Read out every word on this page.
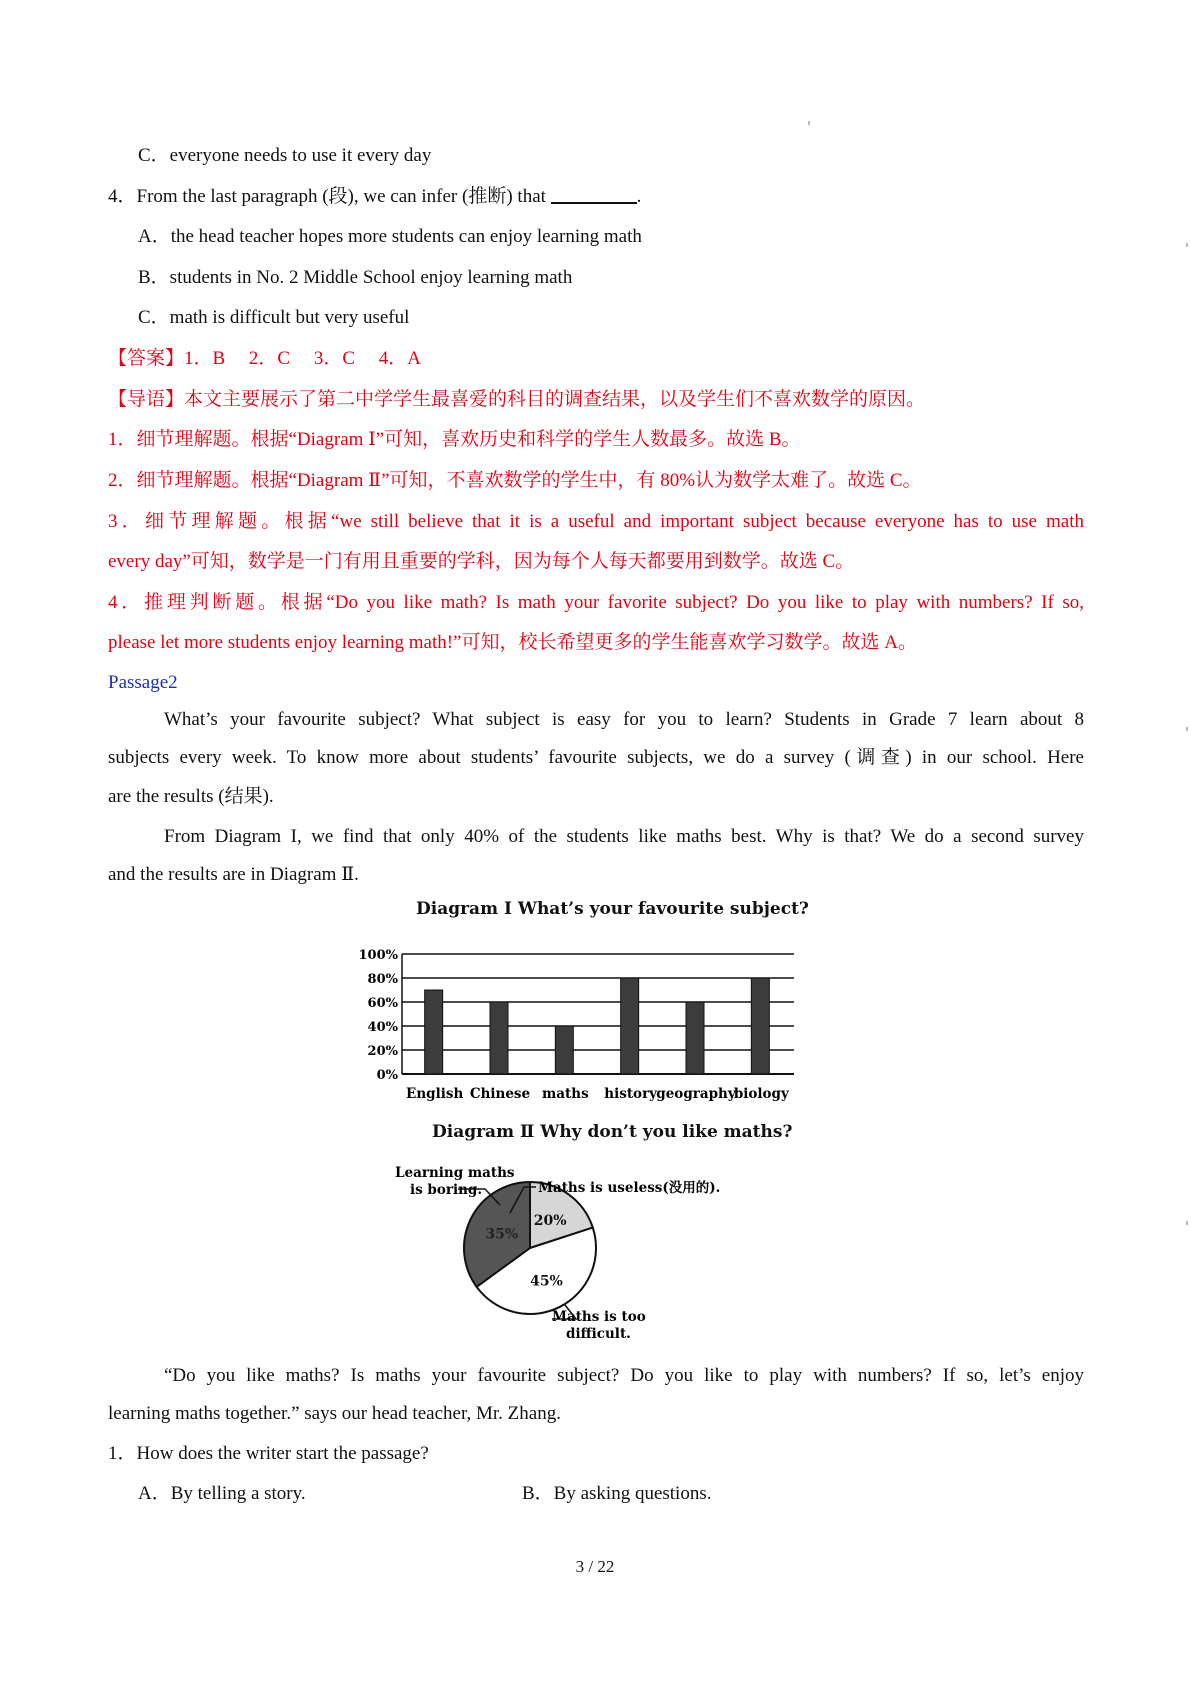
C．everyone needs to use it every day
4．From the last paragraph (段), we can infer (推断) that	.
A．the head teacher hopes more students can enjoy learning math
B．students in No. 2 Middle School enjoy learning math
C．math is difficult but very useful
【答案】1．B　 2．C　 3．C　 4．A
【导语】本文主要展示了第二中学学生最喜爱的科目的调查结果，以及学生们不喜欢数学的原因。
1．细节理解题。根据“Diagram Ⅰ”可知，喜欢历史和科学的学生人数最多。故选 B。
2．细节理解题。根据“Diagram Ⅱ”可知，不喜欢数学的学生中，有 80%认为数学太难了。故选 C。
3．细节理解题。根据“we still believe that it is a useful and important subject because everyone has to use math
every day”可知，数学是一门有用且重要的学科，因为每个人每天都要用到数学。故选 C。
4．推理判断题。根据“Do you like math? Is math your favorite subject? Do you like to play with numbers? If so,
please let more students enjoy learning math!”可知，校长希望更多的学生能喜欢学习数学。故选 A。
Passage2
What’s your favourite subject? What subject is easy for you to learn? Students in Grade 7 learn about 8
subjects every week. To know more about students’ favourite subjects, we do a survey (调查) in our school. Here
are the results (结果).
From Diagram I, we find that only 40% of the students like maths best. Why is that? We do a second survey
and the results are in Diagram Ⅱ.
Diagram Ⅰ What’s your favourite subject?
100%
80%
60%
40%
20%
0%
English Chinese maths history geography
biology
Diagram Ⅱ Why don’t you like maths?
20%
45%
35%
Learning maths
is boring.	Maths is useless(没用的).
Maths is too
difficult.
“Do you like maths? Is maths your favourite subject? Do you like to play with numbers? If so, let’s enjoy
learning maths together.” says our head teacher, Mr. Zhang.
1．How does the writer start the passage?
A．By telling a story.	B．By asking questions.
3 / 22
